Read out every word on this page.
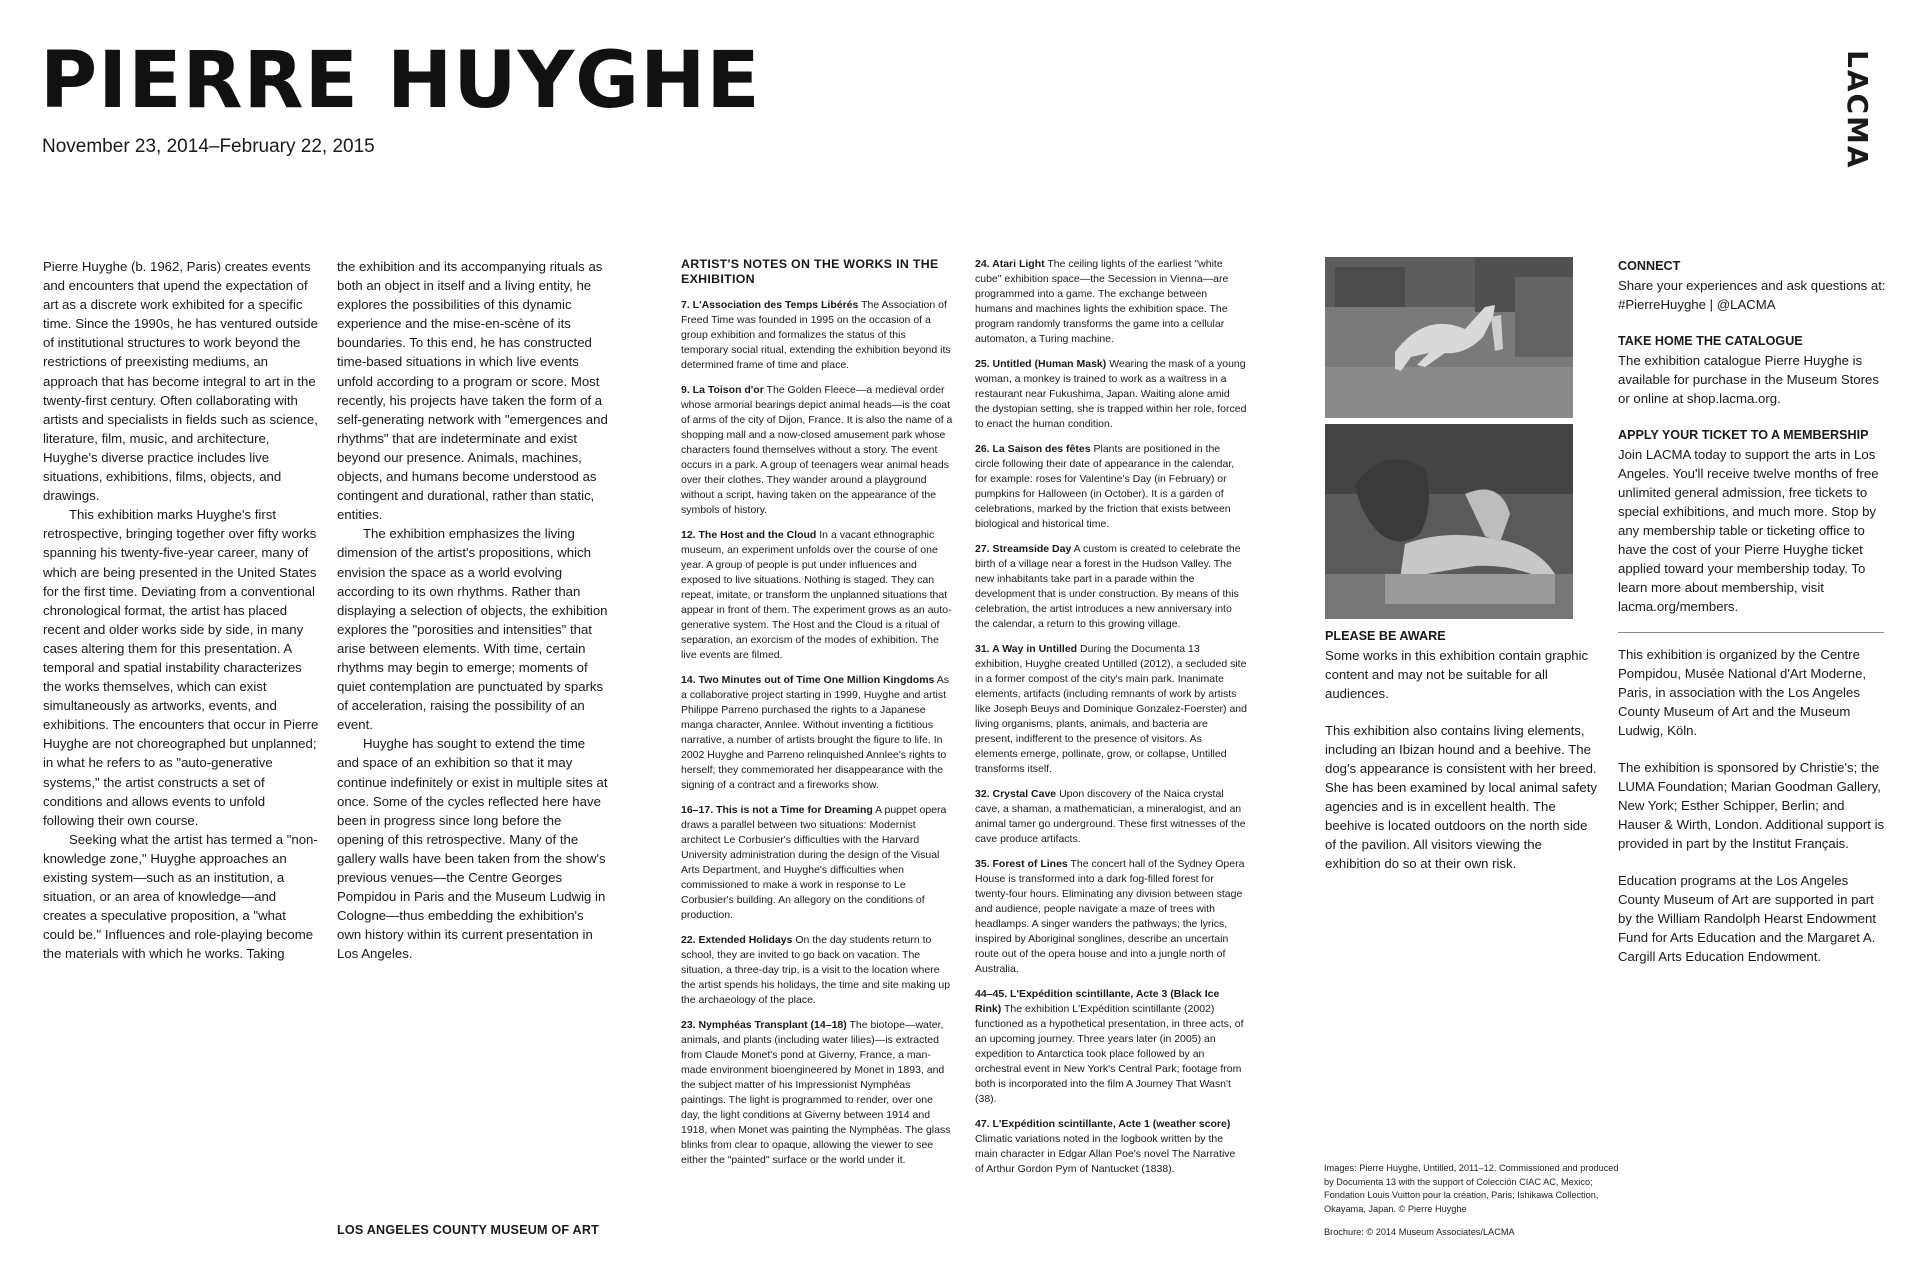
PIERRE HUYGHE
November 23, 2014–February 22, 2015	LACMA

Pierre Huyghe (b. 1962, Paris) creates events and encounters that upend the expectation of art as a discrete work exhibited for a specific time. Since the 1990s, he has ventured outside of institutional structures to work beyond the restrictions of preexisting mediums, an approach that has become integral to art in the twenty-first century. Often collaborating with artists and specialists in fields such as science, literature, film, music, and architecture, Huyghe's diverse practice includes live situations, exhibitions, films, objects, and drawings.

This exhibition marks Huyghe's first retrospective, bringing together over fifty works spanning his twenty-five-year career, many of which are being presented in the United States for the first time. Deviating from a conventional chronological format, the artist has placed recent and older works side by side, in many cases altering them for this presentation. A temporal and spatial instability characterizes the works themselves, which can exist simultaneously as artworks, events, and exhibitions. The encounters that occur in Pierre Huyghe are not choreographed but unplanned; in what he refers to as "auto-generative systems," the artist constructs a set of conditions and allows events to unfold following their own course.

Seeking what the artist has termed a "non-knowledge zone," Huyghe approaches an existing system—such as an institution, a situation, or an area of knowledge—and creates a speculative proposition, a "what could be." Influences and role-playing become the materials with which he works. Taking

the exhibition and its accompanying rituals as both an object in itself and a living entity, he explores the possibilities of this dynamic experience and the mise-en-scène of its boundaries. To this end, he has constructed time-based situations in which live events unfold according to a program or score. Most recently, his projects have taken the form of a self-generating network with "emergences and rhythms" that are indeterminate and exist beyond our presence. Animals, machines, objects, and humans become understood as contingent and durational, rather than static, entities.

The exhibition emphasizes the living dimension of the artist's propositions, which envision the space as a world evolving according to its own rhythms. Rather than displaying a selection of objects, the exhibition explores the "porosities and intensities" that arise between elements. With time, certain rhythms may begin to emerge; moments of quiet contemplation are punctuated by sparks of acceleration, raising the possibility of an event.

Huyghe has sought to extend the time and space of an exhibition so that it may continue indefinitely or exist in multiple sites at once. Some of the cycles reflected here have been in progress since long before the opening of this retrospective. Many of the gallery walls have been taken from the show's previous venues—the Centre Georges Pompidou in Paris and the Museum Ludwig in Cologne—thus embedding the exhibition's own history within its current presentation in Los Angeles.

LOS ANGELES COUNTY MUSEUM OF ART
ARTIST'S NOTES ON THE WORKS IN THE EXHIBITION
7. L'Association des Temps Libérés The Association of Freed Time was founded in 1995 on the occasion of a group exhibition and formalizes the status of this temporary social ritual, extending the exhibition beyond its determined frame of time and place.
9. La Toison d'or The Golden Fleece—a medieval order whose armorial bearings depict animal heads—is the coat of arms of the city of Dijon, France. It is also the name of a shopping mall and a now-closed amusement park whose characters found themselves without a story. The event occurs in a park. A group of teenagers wear animal heads over their clothes. They wander around a playground without a script, having taken on the appearance of the symbols of history.
12. The Host and the Cloud In a vacant ethnographic museum, an experiment unfolds over the course of one year. A group of people is put under influences and exposed to live situations. Nothing is staged. They can repeat, imitate, or transform the unplanned situations that appear in front of them. The experiment grows as an auto-generative system. The Host and the Cloud is a ritual of separation, an exorcism of the modes of exhibition. The live events are filmed.
14. Two Minutes out of Time One Million Kingdoms As a collaborative project starting in 1999, Huyghe and artist Philippe Parreno purchased the rights to a Japanese manga character, Annlee. Without inventing a fictitious narrative, a number of artists brought the figure to life. In 2002 Huyghe and Parreno relinquished Annlee's rights to herself; they commemorated her disappearance with the signing of a contract and a fireworks show.
16–17. This is not a Time for Dreaming A puppet opera draws a parallel between two situations: Modernist architect Le Corbusier's difficulties with the Harvard University administration during the design of the Visual Arts Department, and Huyghe's difficulties when commissioned to make a work in response to Le Corbusier's building. An allegory on the conditions of production.
22. Extended Holidays On the day students return to school, they are invited to go back on vacation. The situation, a three-day trip, is a visit to the location where the artist spends his holidays, the time and site making up the archaeology of the place.
23. Nymphéas Transplant (14–18) The biotope—water, animals, and plants (including water lilies)—is extracted from Claude Monet's pond at Giverny, France, a man-made environment bioengineered by Monet in 1893, and the subject matter of his Impressionist Nymphéas paintings. The light is programmed to render, over one day, the light conditions at Giverny between 1914 and 1918, when Monet was painting the Nymphéas. The glass blinks from clear to opaque, allowing the viewer to see either the "painted" surface or the world under it.
24. Atari Light The ceiling lights of the earliest "white cube" exhibition space—the Secession in Vienna—are programmed into a game. The exchange between humans and machines lights the exhibition space. The program randomly transforms the game into a cellular automaton, a Turing machine.
25. Untitled (Human Mask) Wearing the mask of a young woman, a monkey is trained to work as a waitress in a restaurant near Fukushima, Japan. Waiting alone amid the dystopian setting, she is trapped within her role, forced to enact the human condition.
26. La Saison des fêtes Plants are positioned in the circle following their date of appearance in the calendar, for example: roses for Valentine's Day (in February) or pumpkins for Halloween (in October). It is a garden of celebrations, marked by the friction that exists between biological and historical time.
27. Streamside Day A custom is created to celebrate the birth of a village near a forest in the Hudson Valley. The new inhabitants take part in a parade within the development that is under construction. By means of this celebration, the artist introduces a new anniversary into the calendar, a return to this growing village.
31. A Way in Untilled During the Documenta 13 exhibition, Huyghe created Untilled (2012), a secluded site in a former compost of the city's main park. Inanimate elements, artifacts (including remnants of work by artists like Joseph Beuys and Dominique Gonzalez-Foerster) and living organisms, plants, animals, and bacteria are present, indifferent to the presence of visitors. As elements emerge, pollinate, grow, or collapse, Untilled transforms itself.
32. Crystal Cave Upon discovery of the Naica crystal cave, a shaman, a mathematician, a mineralogist, and an animal tamer go underground. These first witnesses of the cave produce artifacts.
35. Forest of Lines The concert hall of the Sydney Opera House is transformed into a dark fog-filled forest for twenty-four hours. Eliminating any division between stage and audience, people navigate a maze of trees with headlamps. A singer wanders the pathways; the lyrics, inspired by Aboriginal songlines, describe an uncertain route out of the opera house and into a jungle north of Australia.
44–45. L'Expédition scintillante, Acte 3 (Black Ice Rink) The exhibition L'Expédition scintillante (2002) functioned as a hypothetical presentation, in three acts, of an upcoming journey. Three years later (in 2005) an expedition to Antarctica took place followed by an orchestral event in New York's Central Park; footage from both is incorporated into the film A Journey That Wasn't (38).
47. L'Expédition scintillante, Acte 1 (weather score) Climatic variations noted in the logbook written by the main character in Edgar Allan Poe's novel The Narrative of Arthur Gordon Pym of Nantucket (1838).
PLEASE BE AWARE

Some works in this exhibition contain graphic content and may not be suitable for all audiences.

This exhibition also contains living elements, including an Ibizan hound and a beehive. The dog's appearance is consistent with her breed. She has been examined by local animal safety agencies and is in excellent health. The beehive is located outdoors on the north side of the pavilion. All visitors viewing the exhibition do so at their own risk.

Images: Pierre Huyghe, Untilled, 2011–12. Commissioned and produced by Documenta 13 with the support of Colección CIAC AC, Mexico; Fondation Louis Vuitton pour la création, Paris; Ishikawa Collection, Okayama, Japan. © Pierre Huyghe
Brochure: © 2014 Museum Associates/LACMA
CONNECT

Share your experiences and ask questions at: #PierreHuyghe | @LACMA

TAKE HOME THE CATALOGUE

The exhibition catalogue Pierre Huyghe is available for purchase in the Museum Stores or online at shop.lacma.org.

APPLY YOUR TICKET TO A MEMBERSHIP

Join LACMA today to support the arts in Los Angeles. You'll receive twelve months of free unlimited general admission, free tickets to special exhibitions, and much more. Stop by any membership table or ticketing office to have the cost of your Pierre Huyghe ticket applied toward your membership today. To learn more about membership, visit lacma.org/members.

This exhibition is organized by the Centre Pompidou, Musée National d'Art Moderne, Paris, in association with the Los Angeles County Museum of Art and the Museum Ludwig, Köln.

The exhibition is sponsored by Christie's; the LUMA Foundation; Marian Goodman Gallery, New York; Esther Schipper, Berlin; and Hauser & Wirth, London. Additional support is provided in part by the Institut Français.

Education programs at the Los Angeles County Museum of Art are supported in part by the William Randolph Hearst Endowment Fund for Arts Education and the Margaret A. Cargill Arts Education Endowment.
